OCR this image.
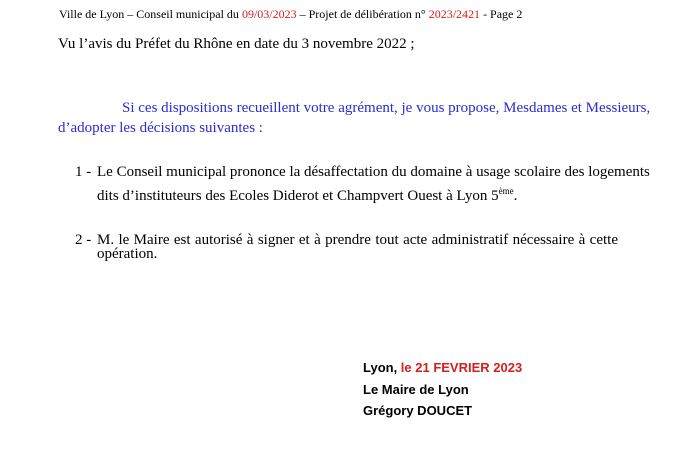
Ville de Lyon – Conseil municipal du 09/03/2023 – Projet de délibération n° 2023/2421 - Page 2
Vu l’avis du Préfet du Rhône en date du 3 novembre 2022 ;
Si ces dispositions recueillent votre agrément, je vous propose, Mesdames et Messieurs,
d’adopter les décisions suivantes :
1 - Le Conseil municipal prononce la désaffectation du domaine à usage scolaire des logements
dits d’instituteurs des Ecoles Diderot et Champvert Ouest à Lyon 5ème.
2 - M. le Maire est autorisé à signer et à prendre tout acte administratif nécessaire à cette
opération.
Lyon, le 21 FEVRIER 2023
Le Maire de Lyon
Grégory DOUCET
